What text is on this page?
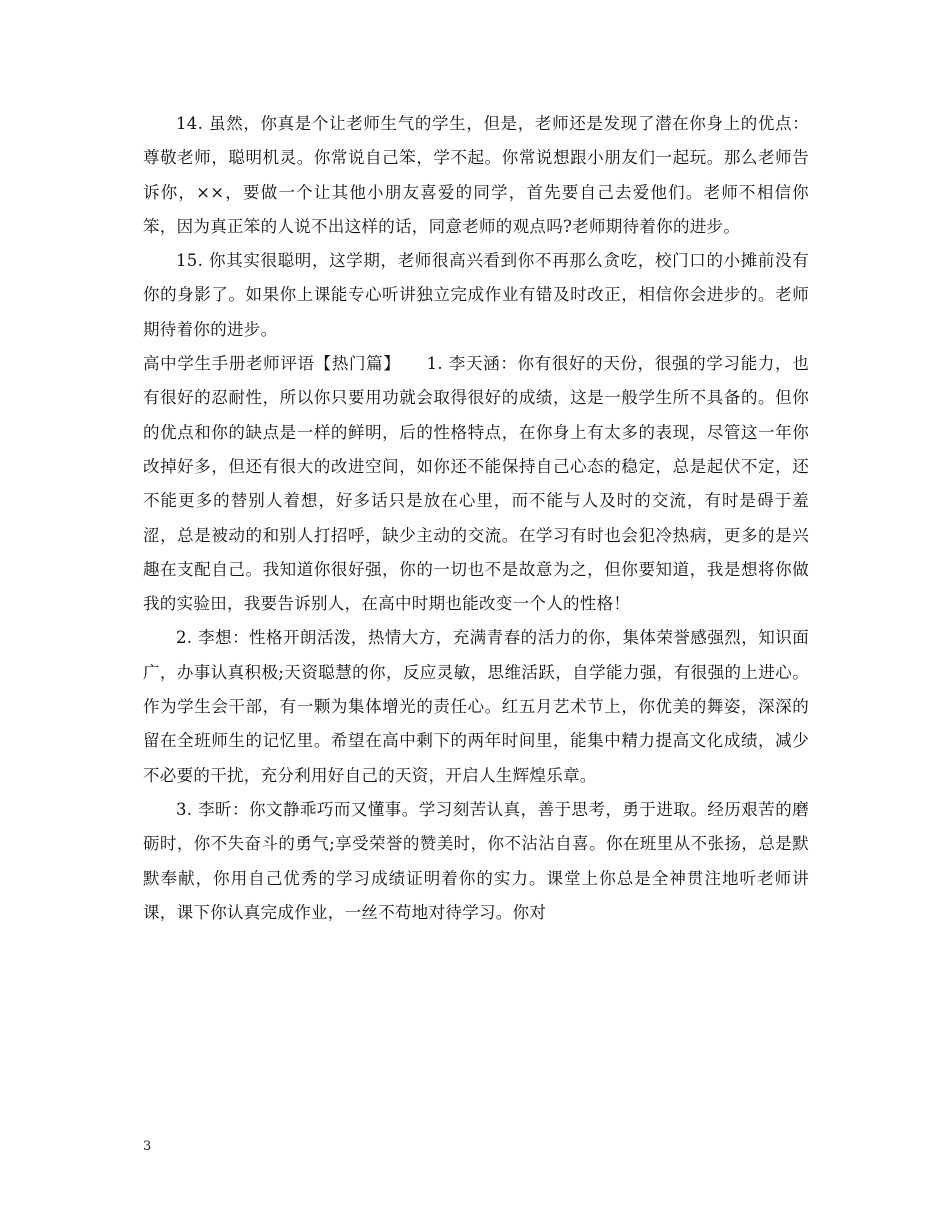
14. 虽然，你真是个让老师生气的学生，但是，老师还是发现了潜在你身上的优点：尊敬老师，聪明机灵。你常说自己笨，学不起。你常说想跟小朋友们一起玩。那么老师告诉你，××，要做一个让其他小朋友喜爱的同学，首先要自己去爱他们。老师不相信你笨，因为真正笨的人说不出这样的话，同意老师的观点吗?老师期待着你的进步。

15. 你其实很聪明，这学期，老师很高兴看到你不再那么贪吃，校门口的小摊前没有你的身影了。如果你上课能专心听讲独立完成作业有错及时改正，相信你会进步的。老师期待着你的进步。

高中学生手册老师评语【热门篇】　　1. 李天涵：你有很好的天份，很强的学习能力，也有很好的忍耐性，所以你只要用功就会取得很好的成绩，这是一般学生所不具备的。但你的优点和你的缺点是一样的鲜明，后的性格特点，在你身上有太多的表现，尽管这一年你改掉好多，但还有很大的改进空间，如你还不能保持自己心态的稳定，总是起伏不定，还不能更多的替别人着想，好多话只是放在心里，而不能与人及时的交流，有时是碍于羞涩，总是被动的和别人打招呼，缺少主动的交流。在学习有时也会犯冷热病，更多的是兴趣在支配自己。我知道你很好强，你的一切也不是故意为之，但你要知道，我是想将你做我的实验田，我要告诉别人，在高中时期也能改变一个人的性格！

2. 李想：性格开朗活泼，热情大方，充满青春的活力的你，集体荣誉感强烈，知识面广，办事认真积极;天资聪慧的你，反应灵敏，思维活跃，自学能力强，有很强的上进心。作为学生会干部，有一颗为集体增光的责任心。红五月艺术节上，你优美的舞姿，深深的留在全班师生的记忆里。希望在高中剩下的两年时间里，能集中精力提高文化成绩，减少不必要的干扰，充分利用好自己的天资，开启人生辉煌乐章。

3. 李昕：你文静乖巧而又懂事。学习刻苦认真，善于思考，勇于进取。经历艰苦的磨砺时，你不失奋斗的勇气;享受荣誉的赞美时，你不沾沾自喜。你在班里从不张扬，总是默默奉献，你用自己优秀的学习成绩证明着你的实力。课堂上你总是全神贯注地听老师讲课，课下你认真完成作业，一丝不苟地对待学习。你对

3
